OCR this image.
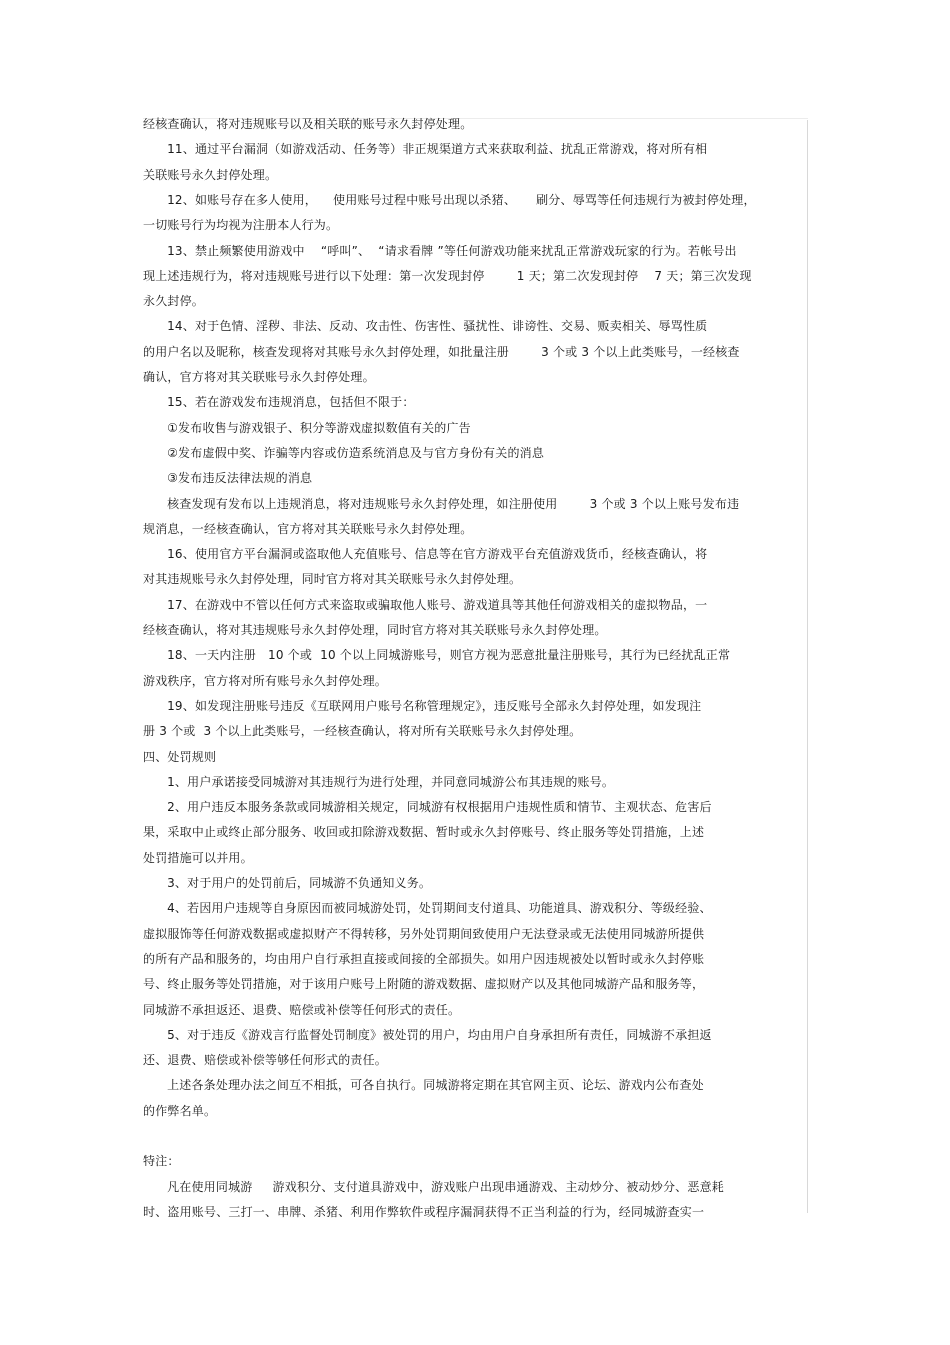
经核查确认，将对违规账号以及相关联的账号永久封停处理。
11、通过平台漏洞（如游戏活动、任务等）非正规渠道方式来获取利益、扰乱正常游戏，将对所有相
关联账号永久封停处理。
12、如账号存在多人使用，    使用账号过程中账号出现以杀猪、     刷分、辱骂等任何违规行为被封停处理，
一切账号行为均视为注册本人行为。
13、禁止频繁使用游戏中    “呼叫”、  “请求看牌 ”等任何游戏功能来扰乱正常游戏玩家的行为。若帐号出
现上述违规行为，将对违规账号进行以下处理：第一次发现封停        1 天；第二次发现封停    7 天；第三次发现
永久封停。
14、对于色情、淫秽、非法、反动、攻击性、伤害性、骚扰性、诽谤性、交易、贩卖相关、辱骂性质
的用户名以及昵称，核查发现将对其账号永久封停处理，如批量注册        3 个或 3 个以上此类账号，一经核查
确认，官方将对其关联账号永久封停处理。
15、若在游戏发布违规消息，包括但不限于：
①发布收售与游戏银子、积分等游戏虚拟数值有关的广告
②发布虚假中奖、诈骗等内容或仿造系统消息及与官方身份有关的消息
③发布违反法律法规的消息
核查发现有发布以上违规消息，将对违规账号永久封停处理，如注册使用        3 个或 3 个以上账号发布违
规消息，一经核查确认，官方将对其关联账号永久封停处理。
16、使用官方平台漏洞或盗取他人充值账号、信息等在官方游戏平台充值游戏货币，经核查确认，将
对其违规账号永久封停处理，同时官方将对其关联账号永久封停处理。
17、在游戏中不管以任何方式来盗取或骗取他人账号、游戏道具等其他任何游戏相关的虚拟物品，一
经核查确认，将对其违规账号永久封停处理，同时官方将对其关联账号永久封停处理。
18、一天内注册   10 个或  10 个以上同城游账号，则官方视为恶意批量注册账号，其行为已经扰乱正常
游戏秩序，官方将对所有账号永久封停处理。
19、如发现注册账号违反《互联网用户账号名称管理规定》，违反账号全部永久封停处理，如发现注
册 3 个或  3 个以上此类账号，一经核查确认，将对所有关联账号永久封停处理。
四、处罚规则
1、用户承诺接受同城游对其违规行为进行处理，并同意同城游公布其违规的账号。
2、用户违反本服务条款或同城游相关规定，同城游有权根据用户违规性质和情节、主观状态、危害后
果，采取中止或终止部分服务、收回或扣除游戏数据、暂时或永久封停账号、终止服务等处罚措施，上述
处罚措施可以并用。
3、对于用户的处罚前后，同城游不负通知义务。
4、若因用户违规等自身原因而被同城游处罚，处罚期间支付道具、功能道具、游戏积分、等级经验、
虚拟服饰等任何游戏数据或虚拟财产不得转移，另外处罚期间致使用户无法登录或无法使用同城游所提供
的所有产品和服务的，均由用户自行承担直接或间接的全部损失。如用户因违规被处以暂时或永久封停账
号、终止服务等处罚措施，对于该用户账号上附随的游戏数据、虚拟财产以及其他同城游产品和服务等，
同城游不承担返还、退费、赔偿或补偿等任何形式的责任。
5、对于违反《游戏言行监督处罚制度》被处罚的用户，均由用户自身承担所有责任，同城游不承担返
还、退费、赔偿或补偿等够任何形式的责任。
上述各条处理办法之间互不相抵，可各自执行。同城游将定期在其官网主页、论坛、游戏内公布查处
的作弊名单。
特注：
凡在使用同城游     游戏积分、支付道具游戏中，游戏账户出现串通游戏、主动炒分、被动炒分、恶意耗
时、盗用账号、三打一、串牌、杀猪、利用作弊软件或程序漏洞获得不正当利益的行为，经同城游查实一
